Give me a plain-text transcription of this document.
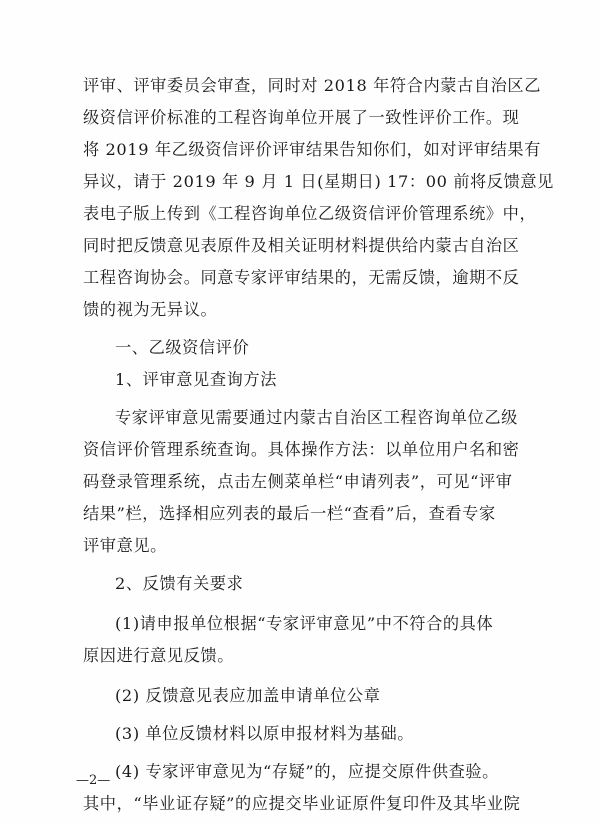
评审、评审委员会审查，同时对 2018 年符合内蒙古自治区乙
级资信评价标准的工程咨询单位开展了一致性评价工作。现
将 2019 年乙级资信评价评审结果告知你们，如对评审结果有
异议，请于 2019 年 9 月 1 日(星期日) 17：00 前将反馈意见
表电子版上传到《工程咨询单位乙级资信评价管理系统》中，
同时把反馈意见表原件及相关证明材料提供给内蒙古自治区
工程咨询协会。同意专家评审结果的，无需反馈，逾期不反
馈的视为无异议。
一、乙级资信评价
1、评审意见查询方法
专家评审意见需要通过内蒙古自治区工程咨询单位乙级
资信评价管理系统查询。具体操作方法：以单位用户名和密
码登录管理系统，点击左侧菜单栏“申请列表”，可见“评审
结果”栏，选择相应列表的最后一栏“查看”后，查看专家
评审意见。
2、反馈有关要求
(1)请申报单位根据“专家评审意见”中不符合的具体
原因进行意见反馈。
(2) 反馈意见表应加盖申请单位公章
(3) 单位反馈材料以原申报材料为基础。
(4) 专家评审意见为“存疑”的，应提交原件供查验。
其中，“毕业证存疑”的应提交毕业证原件复印件及其毕业院
—2—
